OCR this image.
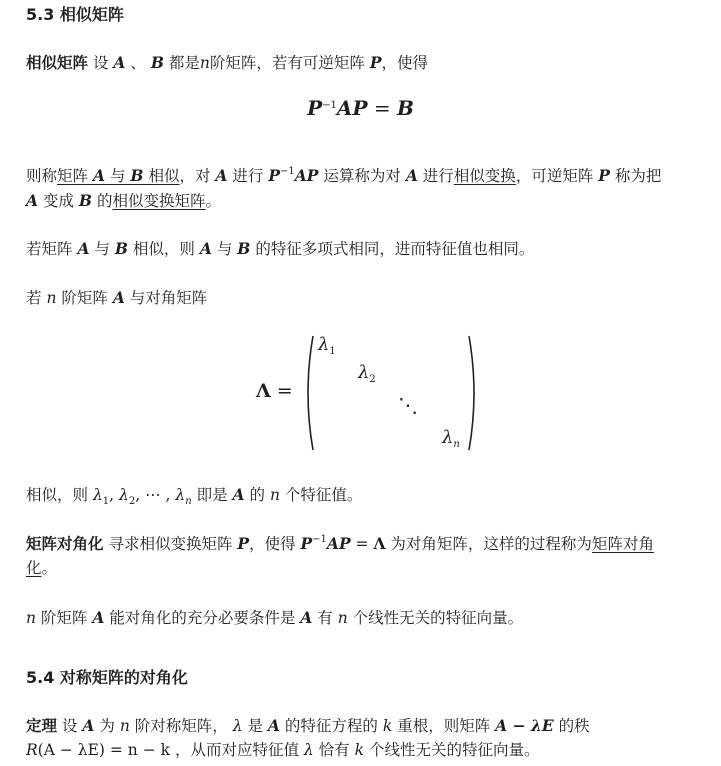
5.3 相似矩阵
相似矩阵 设 A 、 B 都是n阶矩阵，若有可逆矩阵 P，使得
$P^{-1}AP = B$
则称矩阵 A 与 B 相似，对 A 进行 $P^{-1}AP$ 运算称为对 A 进行相似变换，可逆矩阵 P 称为把
A 变成 B 的相似变换矩阵。
若矩阵 A 与 B 相似，则 A 与 B 的特征多项式相同，进而特征值也相同。
若 n 阶矩阵 A 与对角矩阵
Λ =
$\lambda_1$
$\lambda_2$
⋱
$\lambda_n$
相似，则 $\lambda_1$, $\lambda_2$, ⋯ , $\lambda_n$ 即是 A 的 n 个特征值。
矩阵对角化 寻求相似变换矩阵 P，使得 $P^{-1}AP = \Lambda$ 为对角矩阵，这样的过程称为矩阵对角
化。
n 阶矩阵 A 能对角化的充分必要条件是 A 有 n 个线性无关的特征向量。
5.4 对称矩阵的对角化
定理 设 A 为 n 阶对称矩阵， λ 是 A 的特征方程的 k 重根，则矩阵 A − λE 的秩
R(A − λE) = n − k ，从而对应特征值 λ 恰有 k 个线性无关的特征向量。
